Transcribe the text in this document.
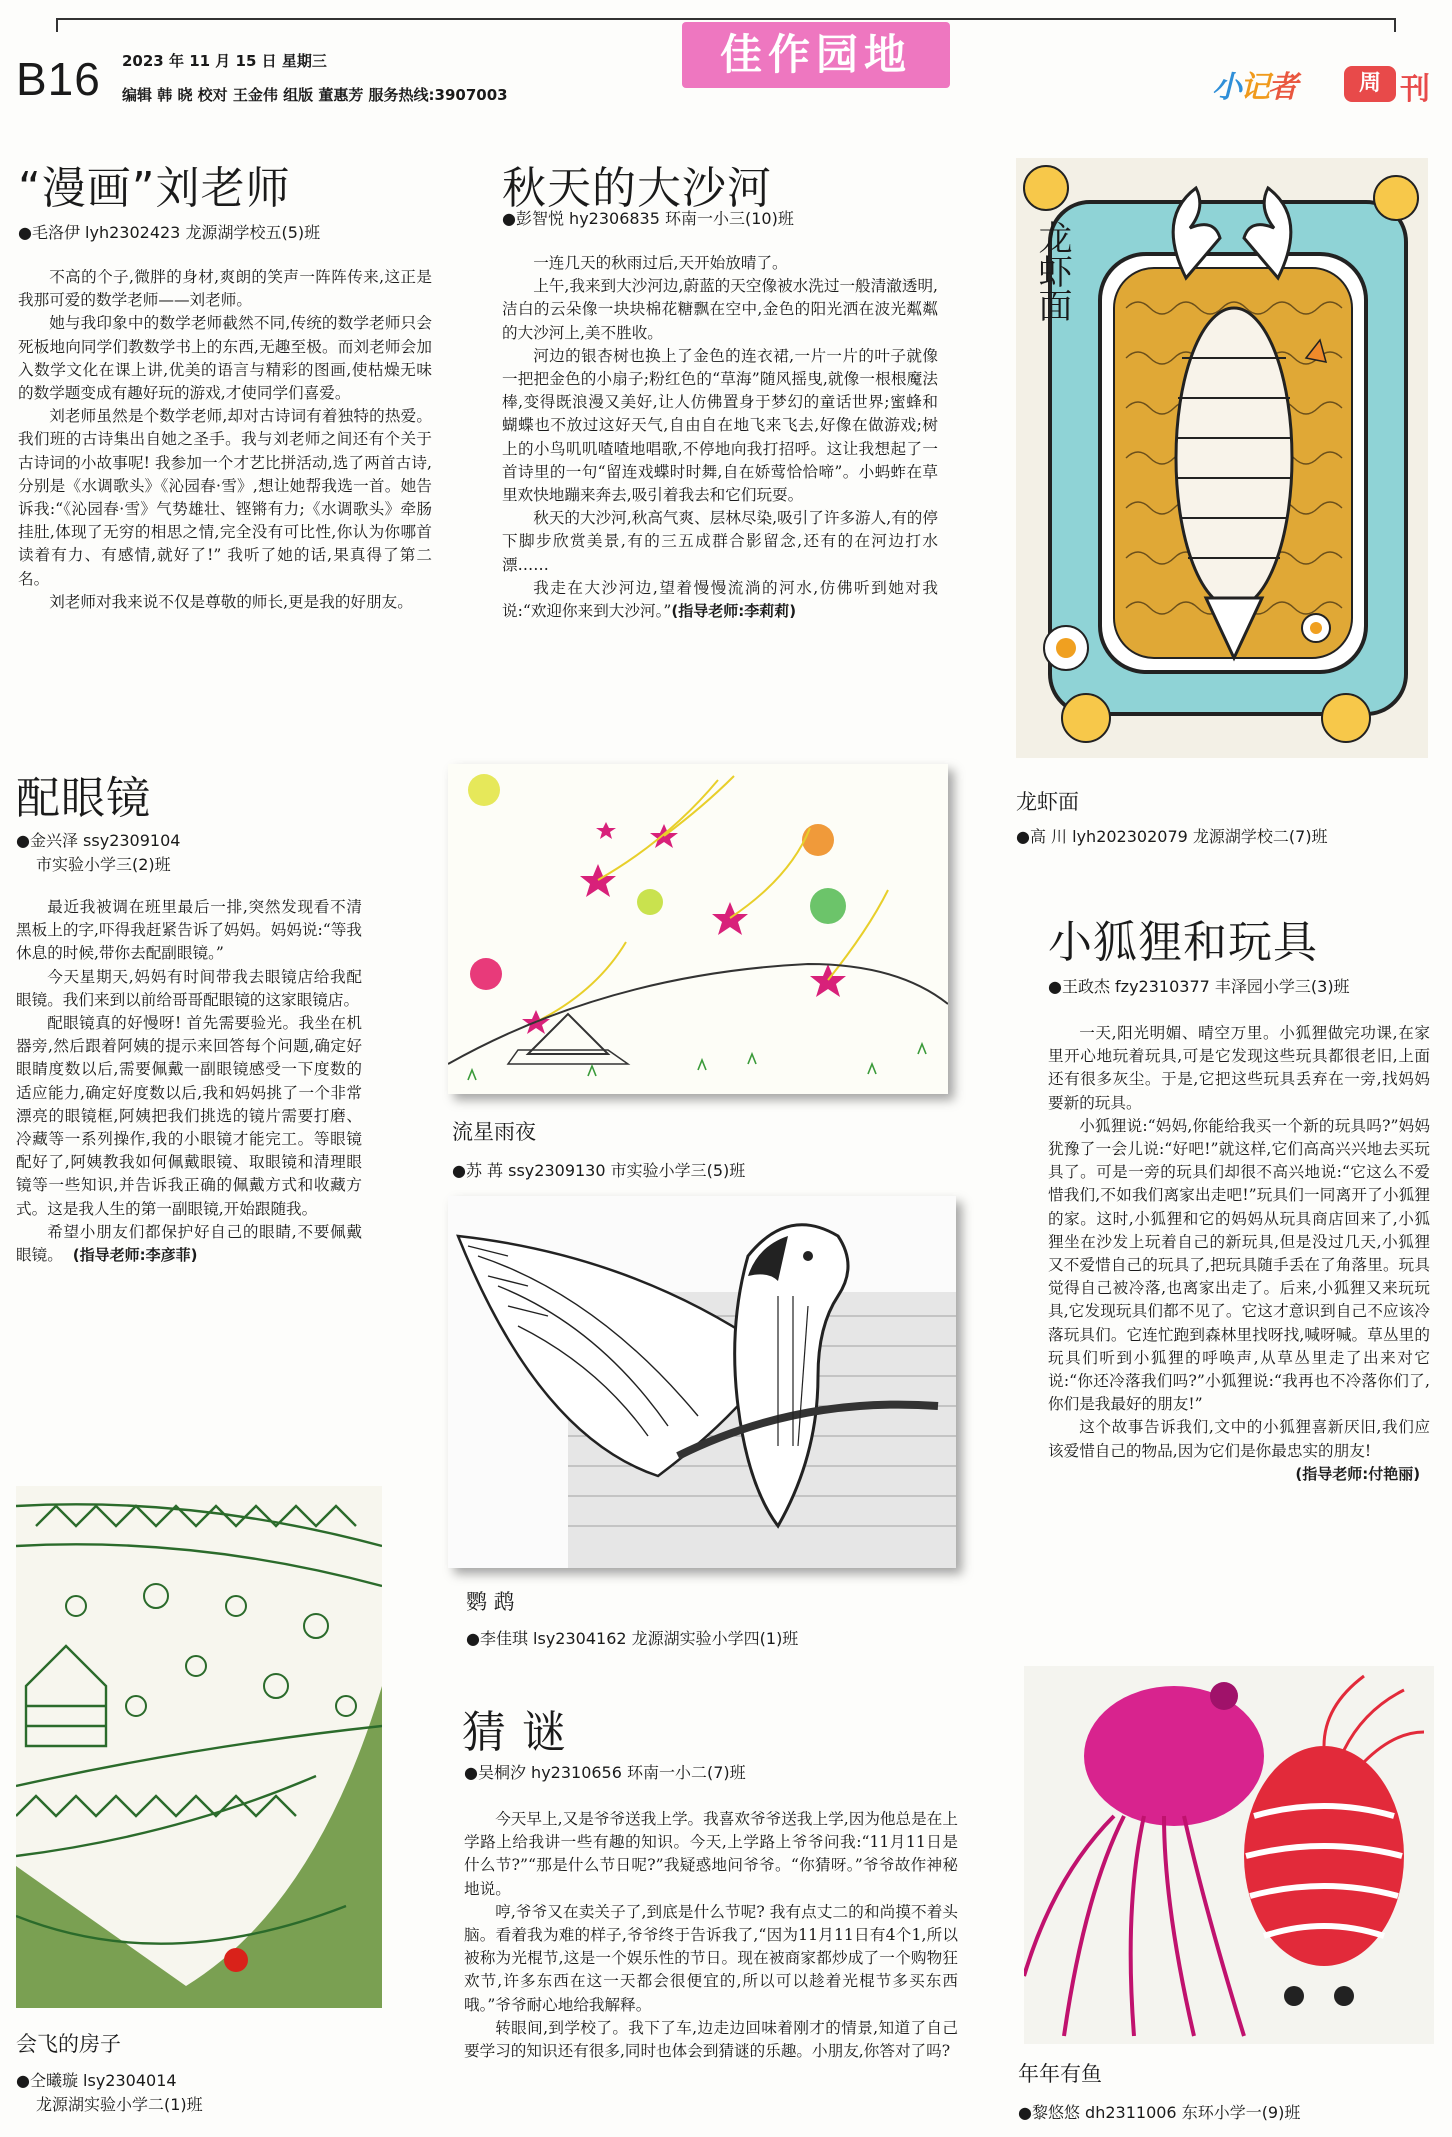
B16 2023 年 11 月 15 日 星期三
编辑 韩 晓 校对 王金伟 组版 董惠芳 服务热线:3907003
佳作园地
小记者	周 刊
“漫画”刘老师
●毛洛伊 lyh2302423 龙源湖学校五(5)班

不高的个子,微胖的身材,爽朗的笑声一阵阵传来,这正是我那可爱的数学老师——刘老师。

她与我印象中的数学老师截然不同,传统的数学老师只会死板地向同学们教数学书上的东西,无趣至极。而刘老师会加入数学文化在课上讲,优美的语言与精彩的图画,使枯燥无味的数学题变成有趣好玩的游戏,才使同学们喜爱。

刘老师虽然是个数学老师,却对古诗词有着独特的热爱。我们班的古诗集出自她之圣手。我与刘老师之间还有个关于古诗词的小故事呢! 我参加一个才艺比拼活动,选了两首古诗,分别是《水调歌头》《沁园春·雪》,想让她帮我选一首。她告诉我:“《沁园春·雪》气势雄壮、铿锵有力;《水调歌头》牵肠挂肚,体现了无穷的相思之情,完全没有可比性,你认为你哪首读着有力、有感情,就好了!” 我听了她的话,果真得了第二名。

刘老师对我来说不仅是尊敬的师长,更是我的好朋友。

秋天的大沙河
●彭智悦 hy2306835 环南一小三(10)班

一连几天的秋雨过后,天开始放晴了。

上午,我来到大沙河边,蔚蓝的天空像被水洗过一般清澈透明,洁白的云朵像一块块棉花糖飘在空中,金色的阳光洒在波光粼粼的大沙河上,美不胜收。

河边的银杏树也换上了金色的连衣裙,一片一片的叶子就像一把把金色的小扇子;粉红色的“草海”随风摇曳,就像一根根魔法棒,变得既浪漫又美好,让人仿佛置身于梦幻的童话世界;蜜蜂和蝴蝶也不放过这好天气,自由自在地飞来飞去,好像在做游戏;树上的小鸟叽叽喳喳地唱歌,不停地向我打招呼。这让我想起了一首诗里的一句“留连戏蝶时时舞,自在娇莺恰恰啼”。小蚂蚱在草里欢快地蹦来奔去,吸引着我去和它们玩耍。

秋天的大沙河,秋高气爽、层林尽染,吸引了许多游人,有的停下脚步欣赏美景,有的三五成群合影留念,还有的在河边打水漂……

我走在大沙河边,望着慢慢流淌的河水,仿佛听到她对我说:“欢迎你来到大沙河。”(指导老师:李莉莉)

龙虾面
龙虾面
●高 川 lyh202302079 龙源湖学校二(7)班
配眼镜
●金兴泽 ssy2309104
市实验小学三(2)班

最近我被调在班里最后一排,突然发现看不清黑板上的字,吓得我赶紧告诉了妈妈。妈妈说:“等我休息的时候,带你去配副眼镜。”

今天星期天,妈妈有时间带我去眼镜店给我配眼镜。我们来到以前给哥哥配眼镜的这家眼镜店。

配眼镜真的好慢呀! 首先需要验光。我坐在机器旁,然后跟着阿姨的提示来回答每个问题,确定好眼睛度数以后,需要佩戴一副眼镜感受一下度数的适应能力,确定好度数以后,我和妈妈挑了一个非常漂亮的眼镜框,阿姨把我们挑选的镜片需要打磨、冷藏等一系列操作,我的小眼镜才能完工。等眼镜配好了,阿姨教我如何佩戴眼镜、取眼镜和清理眼镜等一些知识,并告诉我正确的佩戴方式和收藏方式。这是我人生的第一副眼镜,开始跟随我。

希望小朋友们都保护好自己的眼睛,不要佩戴眼镜。 (指导老师:李彦菲)

流星雨夜
●苏 苒 ssy2309130 市实验小学三(5)班
鹦 鹉
●李佳琪 lsy2304162 龙源湖实验小学四(1)班
小狐狸和玩具
●王政杰 fzy2310377 丰泽园小学三(3)班

一天,阳光明媚、晴空万里。小狐狸做完功课,在家里开心地玩着玩具,可是它发现这些玩具都很老旧,上面还有很多灰尘。于是,它把这些玩具丢弃在一旁,找妈妈要新的玩具。

小狐狸说:“妈妈,你能给我买一个新的玩具吗?”妈妈犹豫了一会儿说:“好吧!”就这样,它们高高兴兴地去买玩具了。可是一旁的玩具们却很不高兴地说:“它这么不爱惜我们,不如我们离家出走吧!”玩具们一同离开了小狐狸的家。这时,小狐狸和它的妈妈从玩具商店回来了,小狐狸坐在沙发上玩着自己的新玩具,但是没过几天,小狐狸又不爱惜自己的玩具了,把玩具随手丢在了角落里。玩具觉得自己被冷落,也离家出走了。后来,小狐狸又来玩玩具,它发现玩具们都不见了。它这才意识到自己不应该冷落玩具们。它连忙跑到森林里找呀找,喊呀喊。草丛里的玩具们听到小狐狸的呼唤声,从草丛里走了出来对它说:“你还冷落我们吗?”小狐狸说:“我再也不冷落你们了,你们是我最好的朋友!”

这个故事告诉我们,文中的小狐狸喜新厌旧,我们应该爱惜自己的物品,因为它们是你最忠实的朋友!

(指导老师:付艳丽)

会飞的房子
●仝曦璇 lsy2304014
龙源湖实验小学二(1)班
猜 谜
●吴桐汐 hy2310656 环南一小二(7)班

今天早上,又是爷爷送我上学。我喜欢爷爷送我上学,因为他总是在上学路上给我讲一些有趣的知识。今天,上学路上爷爷问我:“11月11日是什么节?”“那是什么节日呢?”我疑惑地问爷爷。“你猜呀。”爷爷故作神秘地说。

哼,爷爷又在卖关子了,到底是什么节呢? 我有点丈二的和尚摸不着头脑。看着我为难的样子,爷爷终于告诉我了,“因为11月11日有4个1,所以被称为光棍节,这是一个娱乐性的节日。现在被商家都炒成了一个购物狂欢节,许多东西在这一天都会很便宜的,所以可以趁着光棍节多买东西哦。”爷爷耐心地给我解释。

转眼间,到学校了。我下了车,边走边回味着刚才的情景,知道了自己要学习的知识还有很多,同时也体会到猜谜的乐趣。小朋友,你答对了吗?

年年有鱼
●黎悠悠 dh2311006 东环小学一(9)班
